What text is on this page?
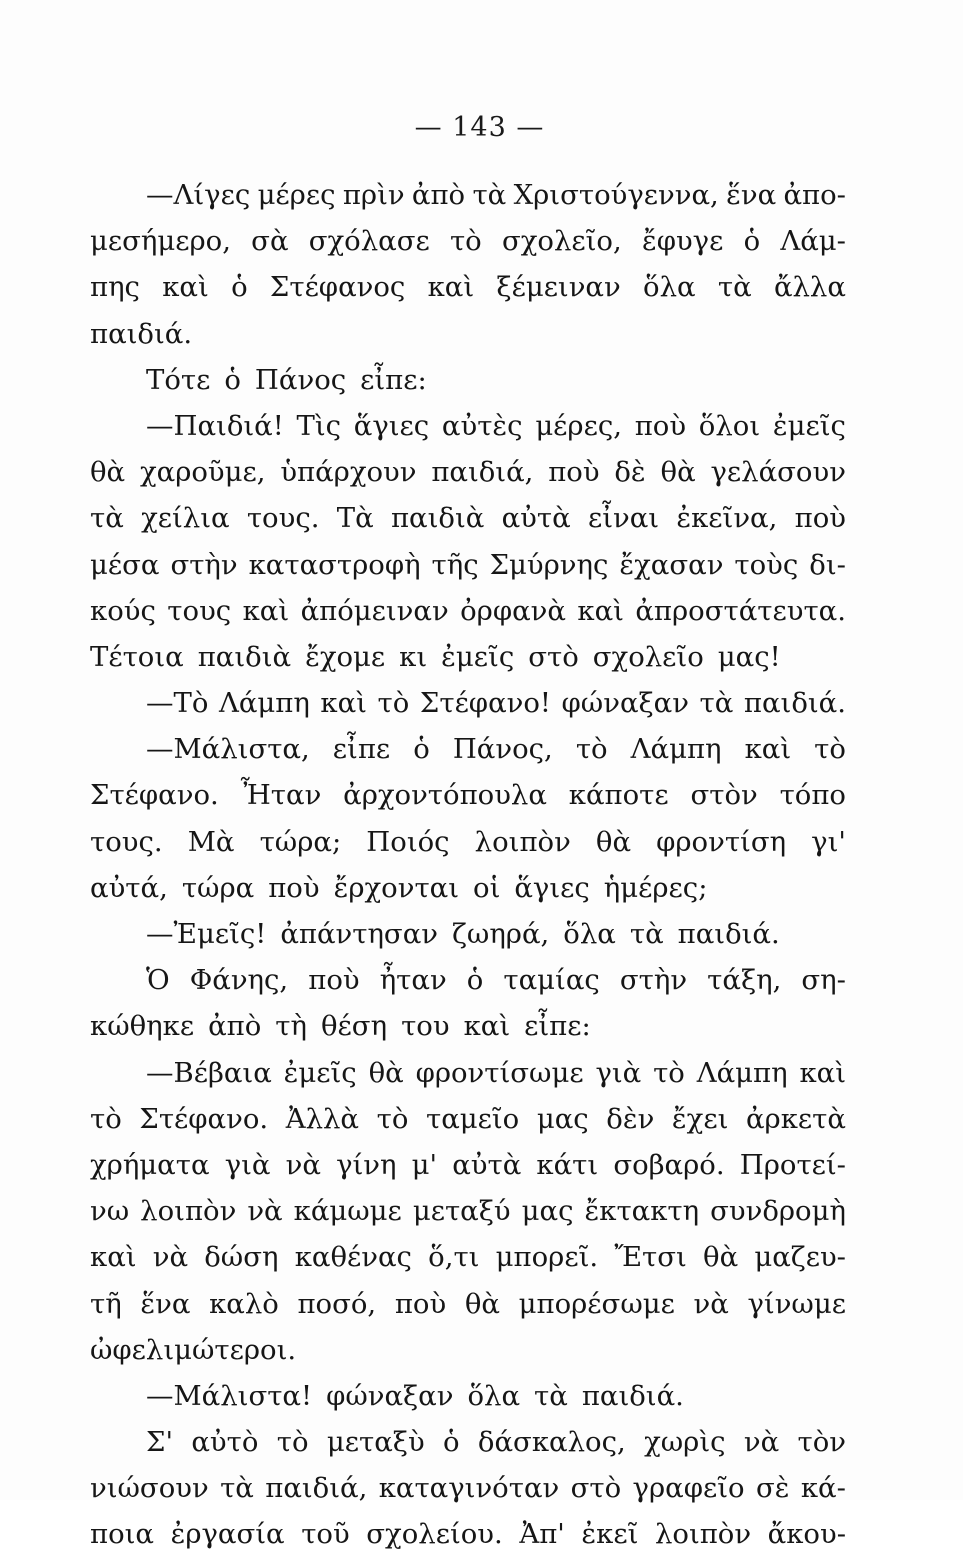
— 143 —
—Λίγες μέρες πρὶν ἀπὸ τὰ Χριστούγεννα, ἕνα ἀπο-
μεσήμερο, σὰ σχόλασε τὸ σχολεῖο, ἔφυγε ὁ Λάμ-
πης καὶ ὁ Στέφανος καὶ ξέμειναν ὅλα τὰ ἄλλα
παιδιά.
Τότε ὁ Πάνος εἶπε:
—Παιδιά! Τὶς ἅγιες αὐτὲς μέρες, ποὺ ὅλοι ἐμεῖς
θὰ χαροῦμε, ὑπάρχουν παιδιά, ποὺ δὲ θὰ γελάσουν
τὰ χείλια τους. Τὰ παιδιὰ αὐτὰ εἶναι ἐκεῖνα, ποὺ
μέσα στὴν καταστροφὴ τῆς Σμύρνης ἔχασαν τοὺς δι-
κούς τους καὶ ἀπόμειναν ὀρφανὰ καὶ ἀπροστάτευτα.
Τέτοια παιδιὰ ἔχομε κι ἐμεῖς στὸ σχολεῖο μας!
—Τὸ Λάμπη καὶ τὸ Στέφανο! φώναξαν τὰ παιδιά.
—Μάλιστα, εἶπε ὁ Πάνος, τὸ Λάμπη καὶ τὸ
Στέφανο. Ἦταν ἀρχοντόπουλα κάποτε στὸν τόπο
τους. Μὰ τώρα; Ποιός λοιπὸν θὰ φροντίση γι'
αὐτά, τώρα ποὺ ἔρχονται οἱ ἅγιες ἡμέρες;
—Ἐμεῖς! ἀπάντησαν ζωηρά, ὅλα τὰ παιδιά.
Ὁ Φάνης, ποὺ ἦταν ὁ ταμίας στὴν τάξη, ση-
κώθηκε ἀπὸ τὴ θέση του καὶ εἶπε:
—Βέβαια ἐμεῖς θὰ φροντίσωμε γιὰ τὸ Λάμπη καὶ
τὸ Στέφανο. Ἀλλὰ τὸ ταμεῖο μας δὲν ἔχει ἀρκετὰ
χρήματα γιὰ νὰ γίνη μ' αὐτὰ κάτι σοβαρό. Προτεί-
νω λοιπὸν νὰ κάμωμε μεταξύ μας ἔκτακτη συνδρομὴ
καὶ νὰ δώση καθένας ὅ,τι μπορεῖ. Ἔτσι θὰ μαζευ-
τῆ ἕνα καλὸ ποσό, ποὺ θὰ μπορέσωμε νὰ γίνωμε
ὠφελιμώτεροι.
—Μάλιστα! φώναξαν ὅλα τὰ παιδιά.
Σ' αὐτὸ τὸ μεταξὺ ὁ δάσκαλος, χωρὶς νὰ τὸν
νιώσουν τὰ παιδιά, καταγινόταν στὸ γραφεῖο σὲ κά-
ποια ἐργασία τοῦ σχολείου. Ἀπ' ἐκεῖ λοιπὸν ἄκου-
